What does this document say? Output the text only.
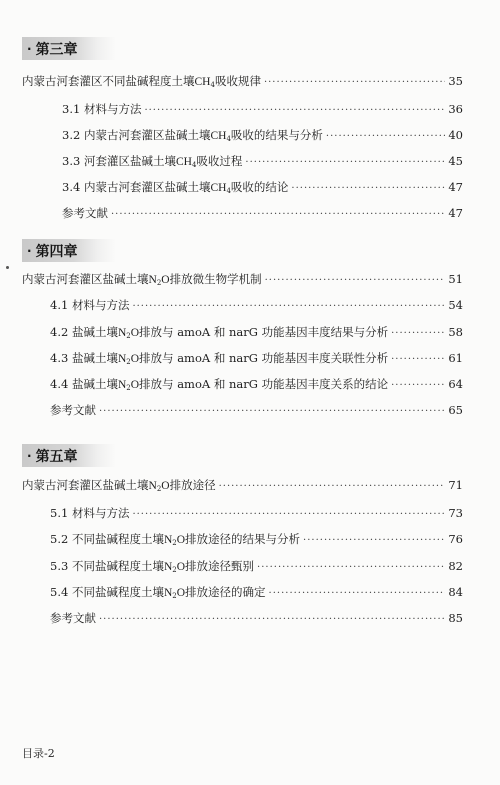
· 第三章
内蒙古河套灌区不同盐碱程度土壤$CH_4$吸收规律 ·····	35
3.1 材料与方法 ·····	36
3.2 内蒙古河套灌区盐碱土壤$CH_4$吸收的结果与分析 ·····	40
3.3 河套灌区盐碱土壤$CH_4$吸收过程 ·····	45
3.4 内蒙古河套灌区盐碱土壤$CH_4$吸收的结论 ·····	47
参考文献 ·····	47
· 第四章
内蒙古河套灌区盐碱土壤$N_2O$排放微生物学机制 ·····	51
4.1 材料与方法 ·····	54
4.2 盐碱土壤$N_2O$排放与 amoA 和 narG 功能基因丰度结果与分析 ·····	58
4.3 盐碱土壤$N_2O$排放与 amoA 和 narG 功能基因丰度关联性分析 ·····	61
4.4 盐碱土壤$N_2O$排放与 amoA 和 narG 功能基因丰度关系的结论 ·····	64
参考文献 ·····	65
· 第五章
内蒙古河套灌区盐碱土壤$N_2O$排放途径 ·····	71
5.1 材料与方法 ·····	73
5.2 不同盐碱程度土壤$N_2O$排放途径的结果与分析 ·····	76
5.3 不同盐碱程度土壤$N_2O$排放途径甄别 ·····	82
5.4 不同盐碱程度土壤$N_2O$排放途径的确定 ·····	84
参考文献 ·····	85
目录-2
